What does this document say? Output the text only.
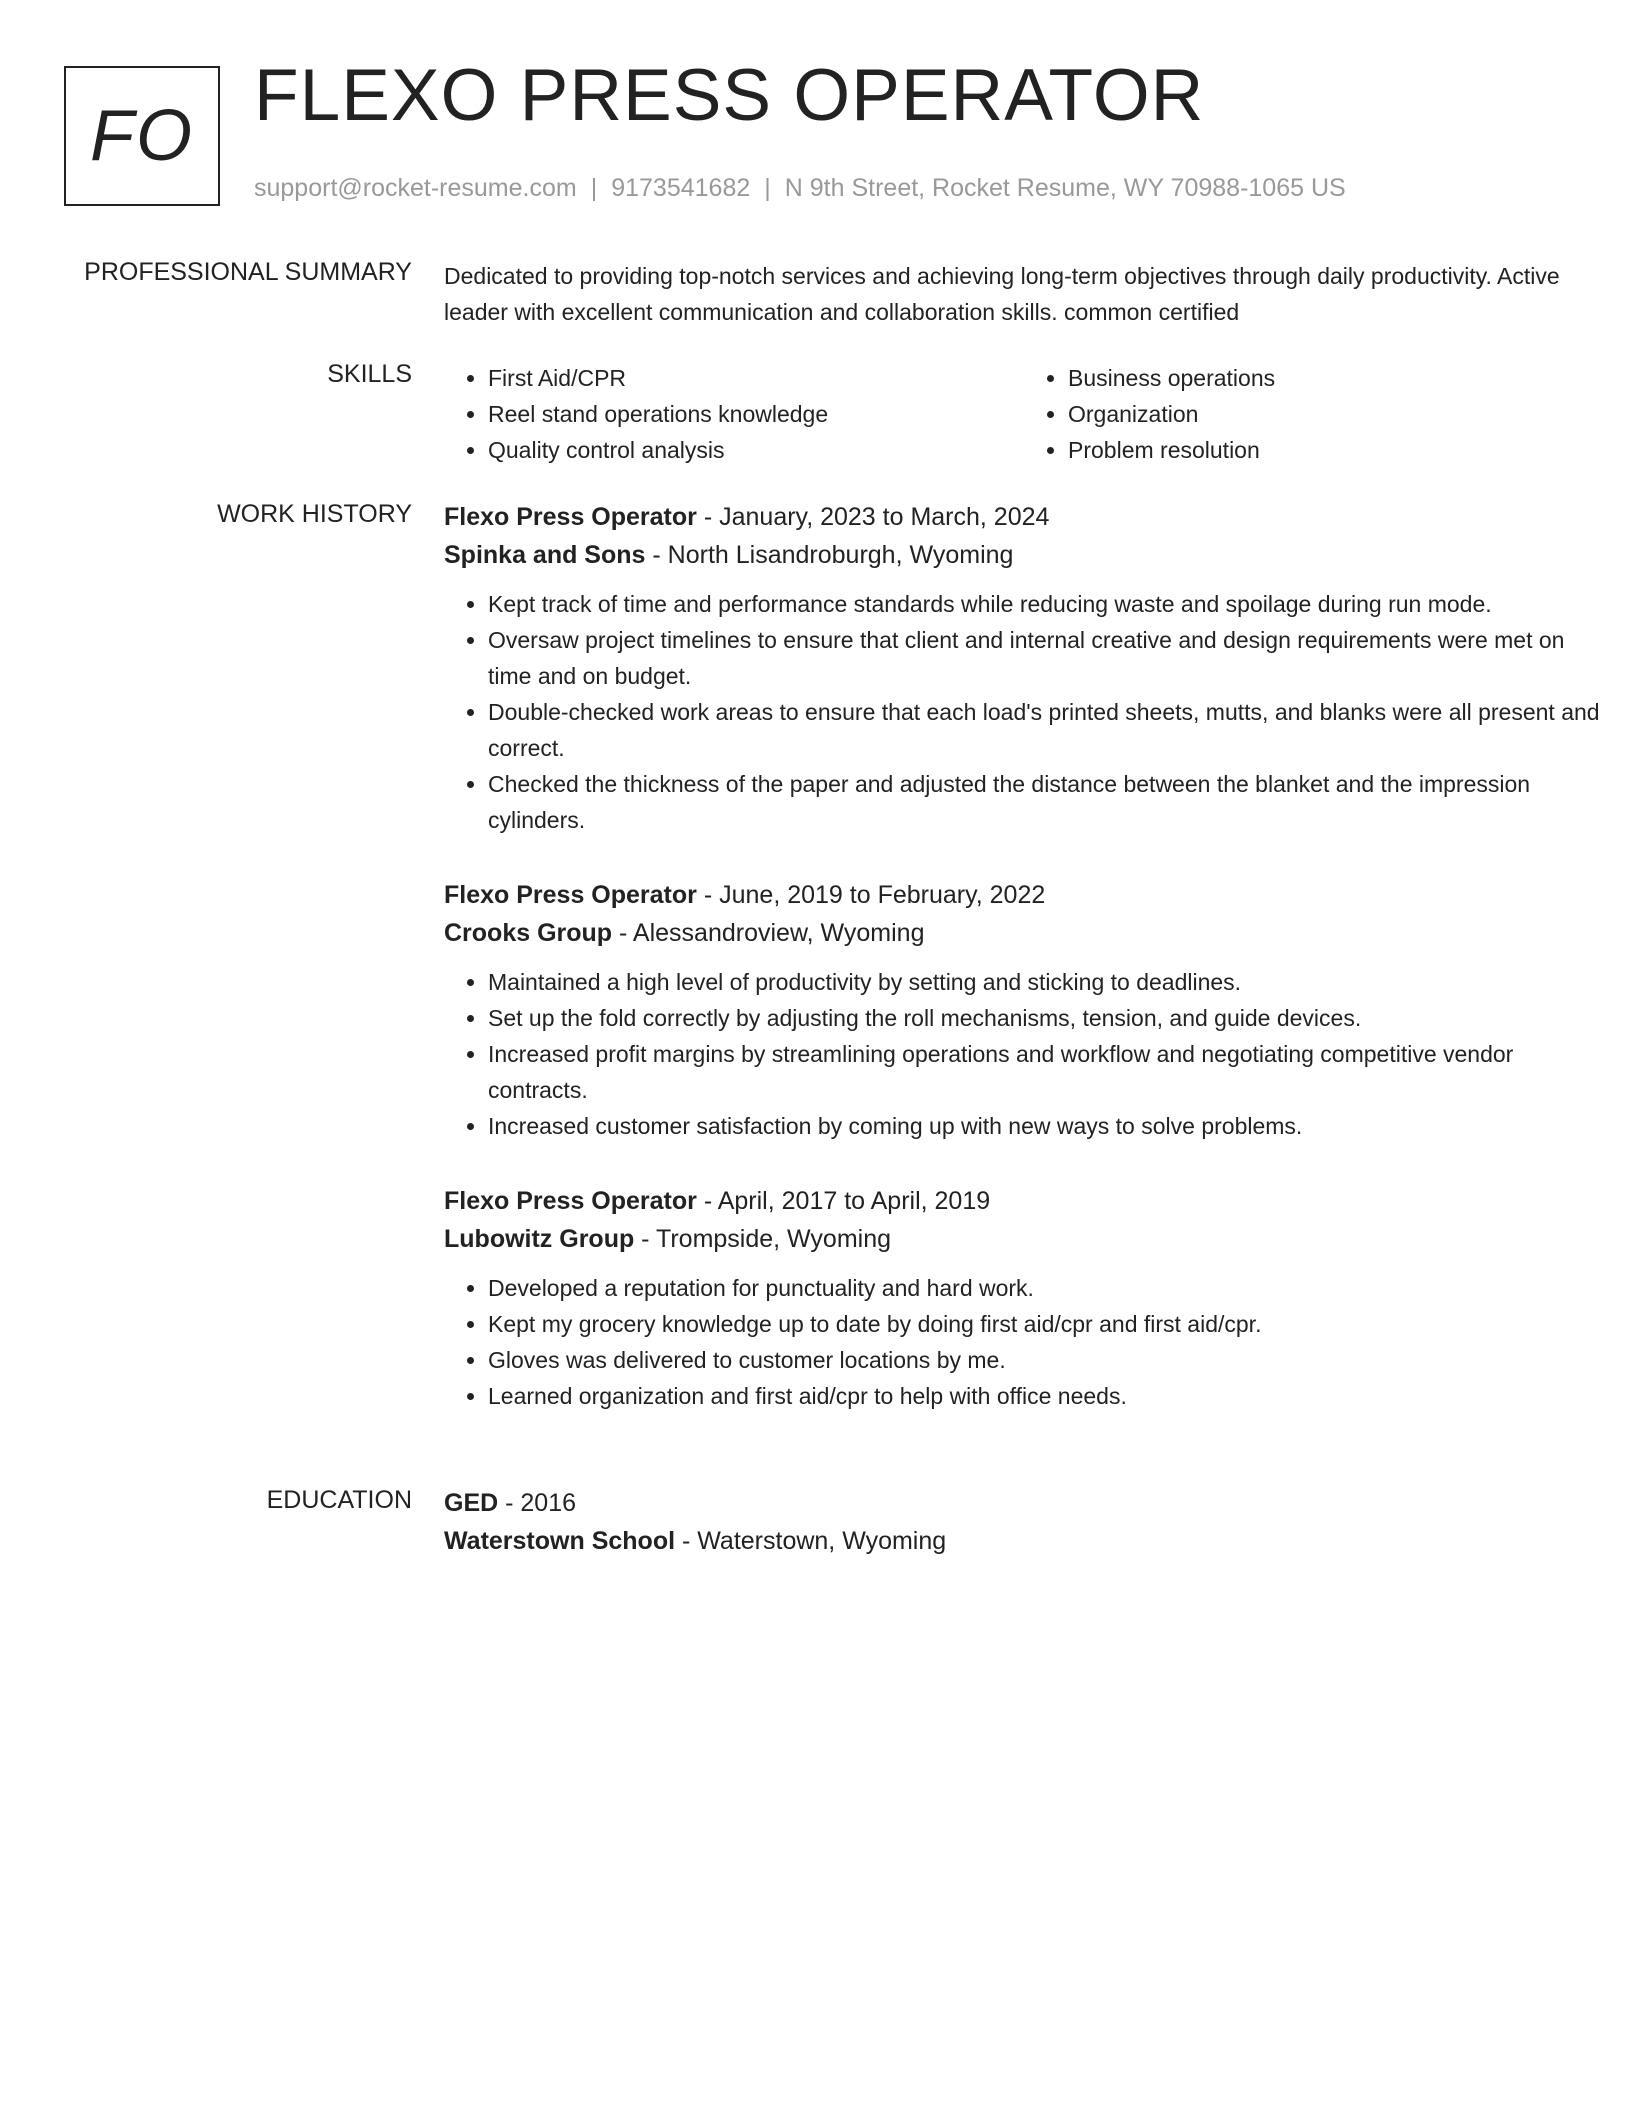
FO FLEXO PRESS OPERATOR
support@rocket-resume.com | 9173541682 | N 9th Street, Rocket Resume, WY 70988-1065 US
PROFESSIONAL SUMMARY Dedicated to providing top-notch services and achieving long-term objectives through daily productivity. Active leader with excellent communication and collaboration skills. common certified

SKILLS
•	First Aid/CPR
• Reel stand operations knowledge
• Quality control analysis
• Business operations
• Organization
• Problem resolution
WORK HISTORY Flexo Press Operator - January, 2023 to March, 2024
Spinka and Sons - North Lisandroburgh, Wyoming
• Kept track of time and performance standards while reducing waste and spoilage during run mode.
• Oversaw project timelines to ensure that client and internal creative and design requirements were met on time and on budget.
• Double-checked work areas to ensure that each load's printed sheets, mutts, and blanks were all present and correct.
• Checked the thickness of the paper and adjusted the distance between the blanket and the impression cylinders.
Flexo Press Operator - June, 2019 to February, 2022
Crooks Group - Alessandroview, Wyoming
• Maintained a high level of productivity by setting and sticking to deadlines.
• Set up the fold correctly by adjusting the roll mechanisms, tension, and guide devices.
• Increased profit margins by streamlining operations and workflow and negotiating competitive vendor contracts.
• Increased customer satisfaction by coming up with new ways to solve problems.
Flexo Press Operator - April, 2017 to April, 2019
Lubowitz Group - Trompside, Wyoming
• Developed a reputation for punctuality and hard work.
• Kept my grocery knowledge up to date by doing first aid/cpr and first aid/cpr.
• Gloves was delivered to customer locations by me.
• Learned organization and first aid/cpr to help with office needs.
EDUCATION GED - 2016
Waterstown School - Waterstown, Wyoming
